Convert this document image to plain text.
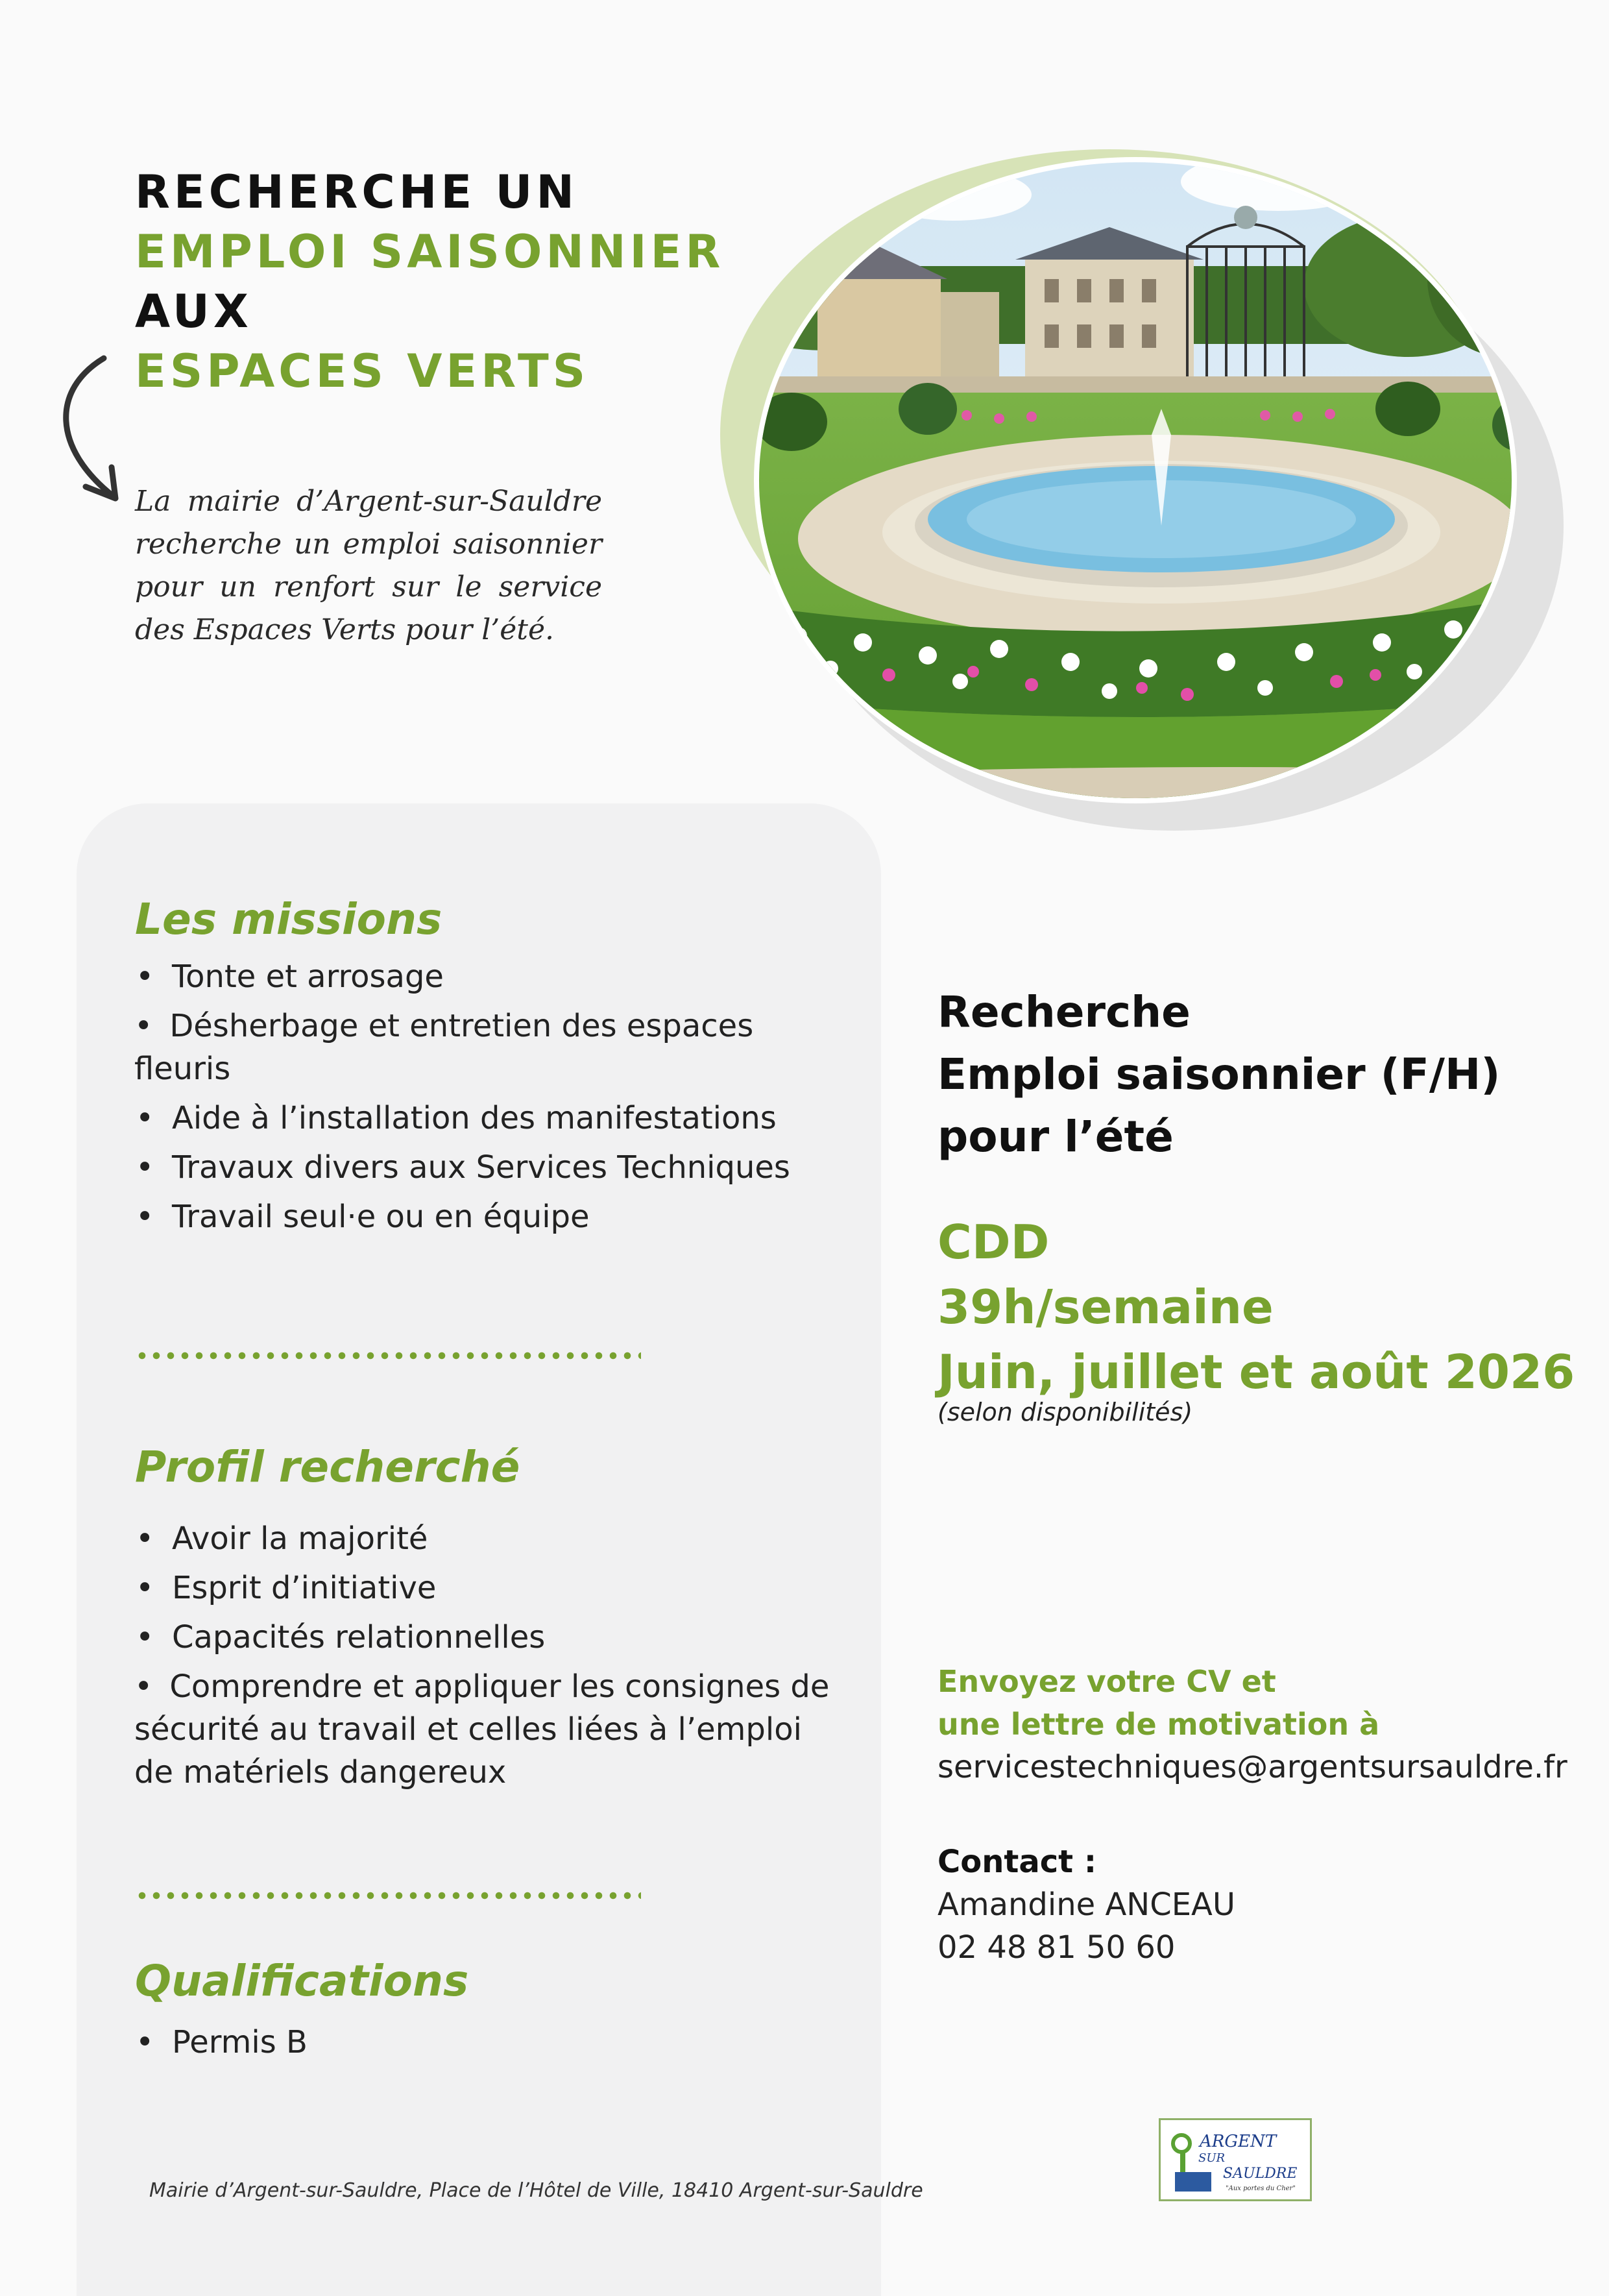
RECHERCHE UN
EMPLOI SAISONNIER
AUX
ESPACES VERTS

La mairie d’Argent-sur-Sauldre recherche un emploi saisonnier pour un renfort sur le service des Espaces Verts pour l’été.

Les missions
• Tonte et arrosage
• Désherbage et entretien des espaces fleuris
• Aide à l’installation des manifestations
• Travaux divers aux Services Techniques
• Travail seul·e ou en équipe
Profil recherché
• Avoir la majorité
• Esprit d’initiative
• Capacités relationnelles
• Comprendre et appliquer les consignes de sécurité au travail et celles liées à l’emploi de matériels dangereux
Qualifications
• Permis B

Mairie d’Argent-sur-Sauldre, Place de l’Hôtel de Ville, 18410 Argent-sur-Sauldre

Recherche
Emploi saisonnier (F/H)
pour l’été
CDD
39h/semaine
Juin, juillet et août 2026

(selon disponibilités)

Envoyez votre CV et
une lettre de motivation à
servicestechniques@argentsursauldre.fr
Contact :
Amandine ANCEAU
02 48 81 50 60
ARGENT
SUR
SAULDRE
"Aux portes du Cher"
